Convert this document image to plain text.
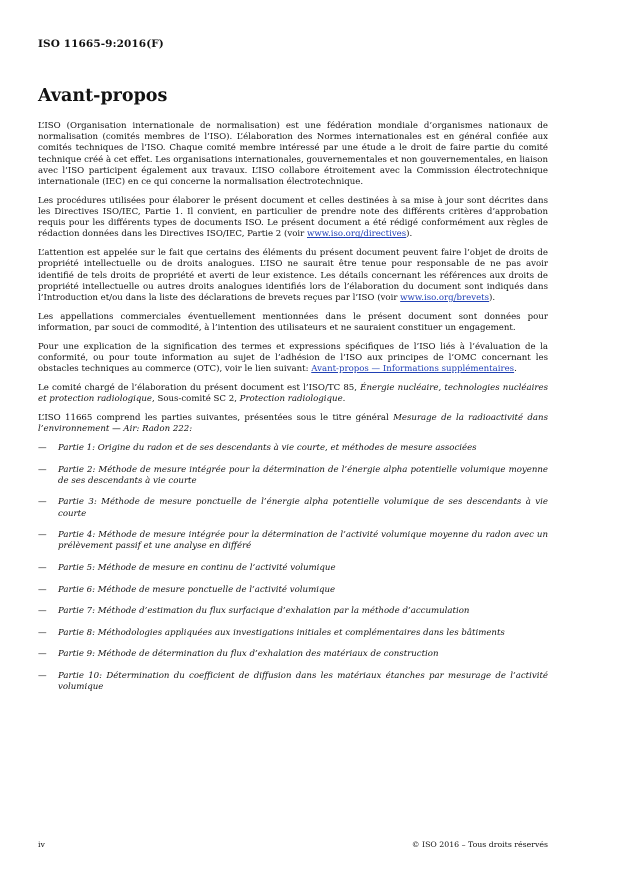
ISO 11665-9:2016(F)
Avant-propos

L’ISO (Organisation internationale de normalisation) est une fédération mondiale d’organismes nationaux de normalisation (comités membres de l’ISO). L’élaboration des Normes internationales est en général confiée aux comités techniques de l’ISO. Chaque comité membre intéressé par une étude a le droit de faire partie du comité technique créé à cet effet. Les organisations internationales, gouvernementales et non gouvernementales, en liaison avec l’ISO participent également aux travaux. L’ISO collabore étroitement avec la Commission électrotechnique internationale (IEC) en ce qui concerne la normalisation électrotechnique.

Les procédures utilisées pour élaborer le présent document et celles destinées à sa mise à jour sont décrites dans les Directives ISO/IEC, Partie 1. Il convient, en particulier de prendre note des différents critères d’approbation requis pour les différents types de documents ISO. Le présent document a été rédigé conformément aux règles de rédaction données dans les Directives ISO/IEC, Partie 2 (voir www.iso.org/directives).

L’attention est appelée sur le fait que certains des éléments du présent document peuvent faire l’objet de droits de propriété intellectuelle ou de droits analogues. L’ISO ne saurait être tenue pour responsable de ne pas avoir identifié de tels droits de propriété et averti de leur existence. Les détails concernant les références aux droits de propriété intellectuelle ou autres droits analogues identifiés lors de l’élaboration du document sont indiqués dans l’Introduction et/ou dans la liste des déclarations de brevets reçues par l’ISO (voir www.iso.org/brevets).

Les appellations commerciales éventuellement mentionnées dans le présent document sont données pour information, par souci de commodité, à l’intention des utilisateurs et ne sauraient constituer un engagement.

Pour une explication de la signification des termes et expressions spécifiques de l’ISO liés à l’évaluation de la conformité, ou pour toute information au sujet de l’adhésion de l’ISO aux principes de l’OMC concernant les obstacles techniques au commerce (OTC), voir le lien suivant: Avant-propos — Informations supplémentaires.

Le comité chargé de l’élaboration du présent document est l’ISO/TC 85, Énergie nucléaire, technologies nucléaires et protection radiologique, Sous-comité SC 2, Protection radiologique.

L’ISO 11665 comprend les parties suivantes, présentées sous le titre général Mesurage de la radioactivité dans l’environnement — Air: Radon 222:

— Partie 1: Origine du radon et de ses descendants à vie courte, et méthodes de mesure associées
— Partie 2: Méthode de mesure intégrée pour la détermination de l’énergie alpha potentielle volumique moyenne de ses descendants à vie courte
— Partie 3: Méthode de mesure ponctuelle de l’énergie alpha potentielle volumique de ses descendants à vie courte
— Partie 4: Méthode de mesure intégrée pour la détermination de l’activité volumique moyenne du radon avec un prélèvement passif et une analyse en différé
— Partie 5: Méthode de mesure en continu de l’activité volumique
— Partie 6: Méthode de mesure ponctuelle de l’activité volumique
— Partie 7: Méthode d’estimation du flux surfacique d’exhalation par la méthode d’accumulation
— Partie 8: Méthodologies appliquées aux investigations initiales et complémentaires dans les bâtiments
— Partie 9: Méthode de détermination du flux d’exhalation des matériaux de construction
— Partie 10: Détermination du coefficient de diffusion dans les matériaux étanches par mesurage de l’activité volumique
iv	© ISO 2016 – Tous droits réservés
